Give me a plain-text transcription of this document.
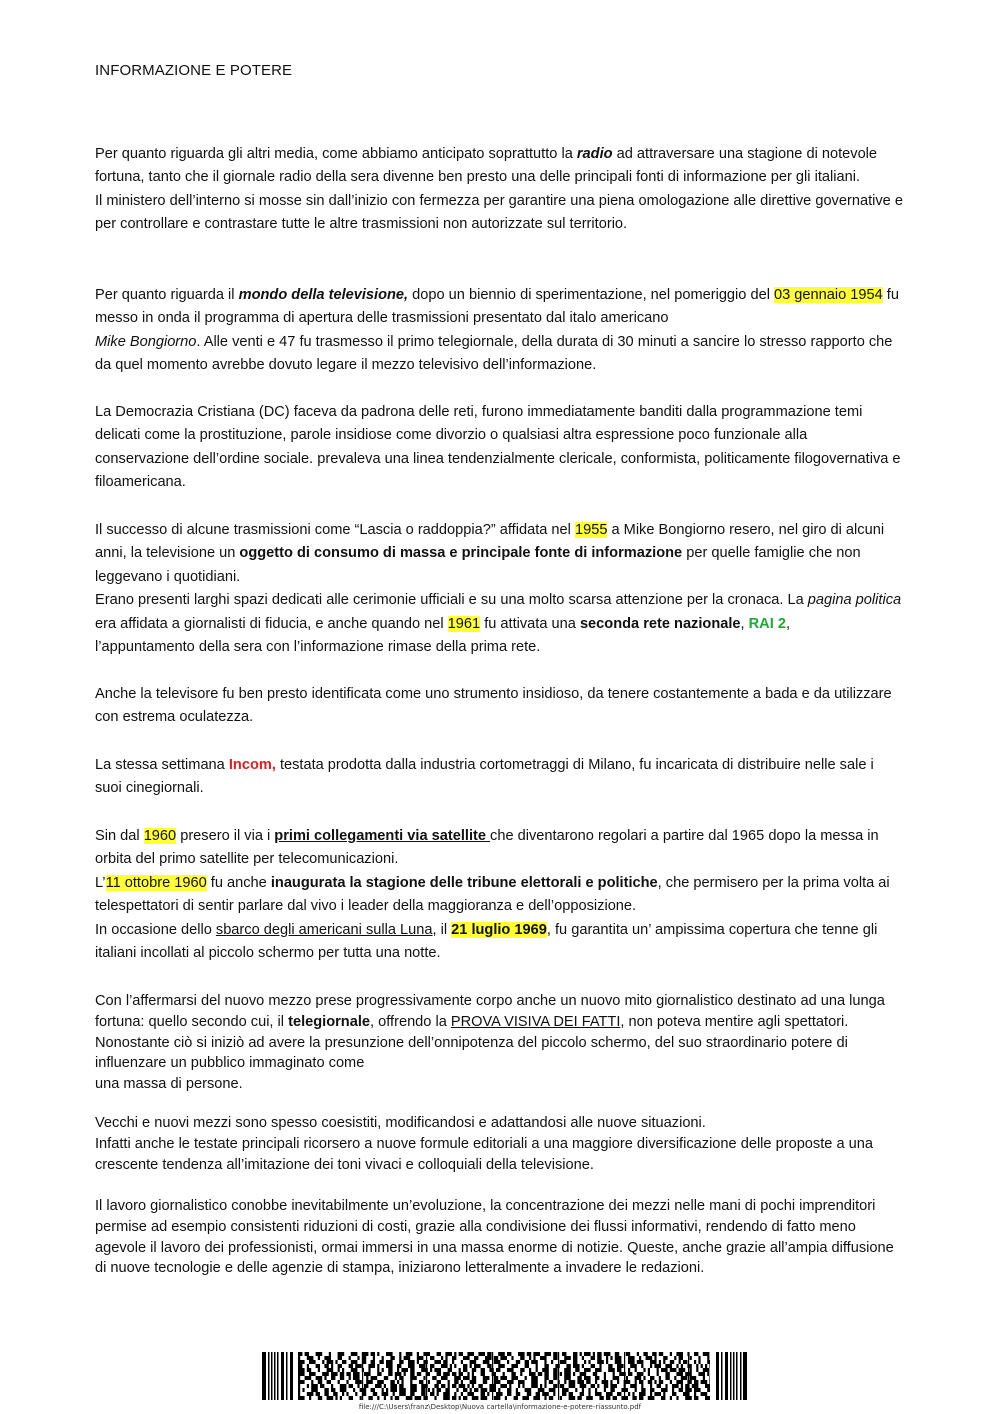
INFORMAZIONE E POTERE

Per quanto riguarda gli altri media, come abbiamo anticipato soprattutto la radio ad attraversare una stagione di notevole fortuna, tanto che il giornale radio della sera divenne ben presto una delle principali fonti di informazione per gli italiani.

Il ministero dell’interno si mosse sin dall’inizio con fermezza per garantire una piena omologazione alle direttive governative e per controllare e contrastare tutte le altre trasmissioni non autorizzate sul territorio.

Per quanto riguarda il mondo della televisione, dopo un biennio di sperimentazione, nel pomeriggio del 03 gennaio 1954 fu messo in onda il programma di apertura delle trasmissioni presentato dal italo americano

Mike Bongiorno. Alle venti e 47 fu trasmesso il primo telegiornale, della durata di 30 minuti a sancire lo stresso rapporto che da quel momento avrebbe dovuto legare il mezzo televisivo dell’informazione.

La Democrazia Cristiana (DC) faceva da padrona delle reti, furono immediatamente banditi dalla programmazione temi delicati come la prostituzione, parole insidiose come divorzio o qualsiasi altra espressione poco funzionale alla conservazione dell’ordine sociale. prevaleva una linea tendenzialmente clericale, conformista, politicamente filogovernativa e filoamericana.

Il successo di alcune trasmissioni come “Lascia o raddoppia?” affidata nel 1955 a Mike Bongiorno resero, nel giro di alcuni anni, la televisione un oggetto di consumo di massa e principale fonte di informazione per quelle famiglie che non leggevano i quotidiani.

Erano presenti larghi spazi dedicati alle cerimonie ufficiali e su una molto scarsa attenzione per la cronaca. La pagina politica era affidata a giornalisti di fiducia, e anche quando nel 1961 fu attivata una seconda rete nazionale, RAI 2,

l’appuntamento della sera con l’informazione rimase della prima rete.

Anche la televisore fu ben presto identificata come uno strumento insidioso, da tenere costantemente a bada e da utilizzare con estrema oculatezza.

La stessa settimana Incom, testata prodotta dalla industria cortometraggi di Milano, fu incaricata di distribuire nelle sale i suoi cinegiornali.

Sin dal 1960 presero il via i primi collegamenti via satellite che diventarono regolari a partire dal 1965 dopo la messa in orbita del primo satellite per telecomunicazioni.

L’11 ottobre 1960 fu anche inaugurata la stagione delle tribune elettorali e politiche, che permisero per la prima volta ai telespettatori di sentir parlare dal vivo i leader della maggioranza e dell’opposizione.

In occasione dello sbarco degli americani sulla Luna, il 21 luglio 1969, fu garantita un’ ampissima copertura che tenne gli italiani incollati al piccolo schermo per tutta una notte.

Con l’affermarsi del nuovo mezzo prese progressivamente corpo anche un nuovo mito giornalistico destinato ad una lunga fortuna: quello secondo cui, il telegiornale, offrendo la PROVA VISIVA DEI FATTI, non poteva mentire agli spettatori. Nonostante ciò si iniziò ad avere la presunzione dell’onnipotenza del piccolo schermo, del suo straordinario potere di influenzare un pubblico immaginato come

una massa di persone.

Vecchi e nuovi mezzi sono spesso coesistiti, modificandosi e adattandosi alle nuove situazioni.

Infatti anche le testate principali ricorsero a nuove formule editoriali a una maggiore diversificazione delle proposte a una crescente tendenza all’imitazione dei toni vivaci e colloquiali della televisione.

Il lavoro giornalistico conobbe inevitabilmente un’evoluzione, la concentrazione dei mezzi nelle mani di pochi imprenditori permise ad esempio consistenti riduzioni di costi, grazie alla condivisione dei flussi informativi, rendendo di fatto meno agevole il lavoro dei professionisti, ormai immersi in una massa enorme di notizie. Queste, anche grazie all’ampia diffusione di nuove tecnologie e delle agenzie di stampa, iniziarono letteralmente a invadere le redazioni.

file:///C:\Users\franz\Desktop\Nuova cartella\informazione-e-potere-riassunto.pdf
